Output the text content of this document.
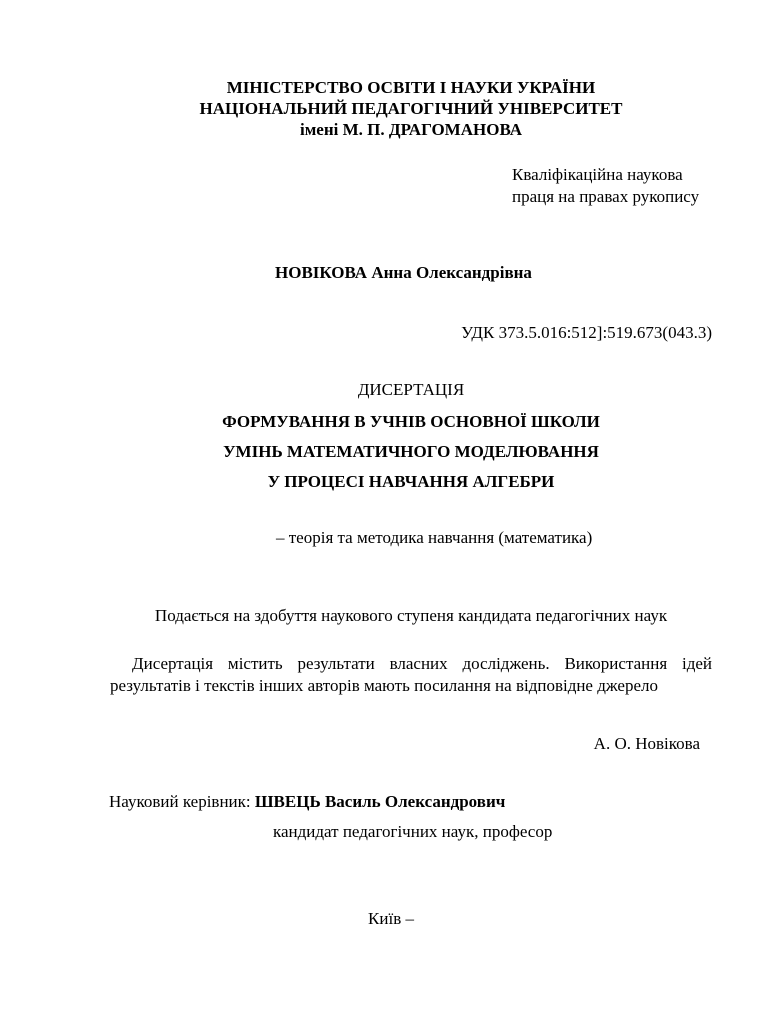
МІНІСТЕРСТВО ОСВІТИ І НАУКИ УКРАЇНИ
НАЦІОНАЛЬНИЙ ПЕДАГОГІЧНИЙ УНІВЕРСИТЕТ
імені М. П. ДРАГОМАНОВА
Кваліфікаційна наукова
праця на правах рукопису
НОВІКОВА Анна Олександрівна
УДК 373.5.016:512]:519.673(043.3)
ДИСЕРТАЦІЯ
ФОРМУВАННЯ В УЧНІВ ОСНОВНОЇ ШКОЛИ
УМІНЬ МАТЕМАТИЧНОГО МОДЕЛЮВАННЯ
У ПРОЦЕСІ НАВЧАННЯ АЛГЕБРИ
– теорія та методика навчання (математика)
Подається на здобуття наукового ступеня кандидата педагогічних наук
Дисертація містить результати власних досліджень. Використання ідей результатів і текстів інших авторів мають посилання на відповідне джерело
А. О. Новікова
Науковий керівник: ШВЕЦЬ Василь Олександрович
кандидат педагогічних наук, професор
Київ –
